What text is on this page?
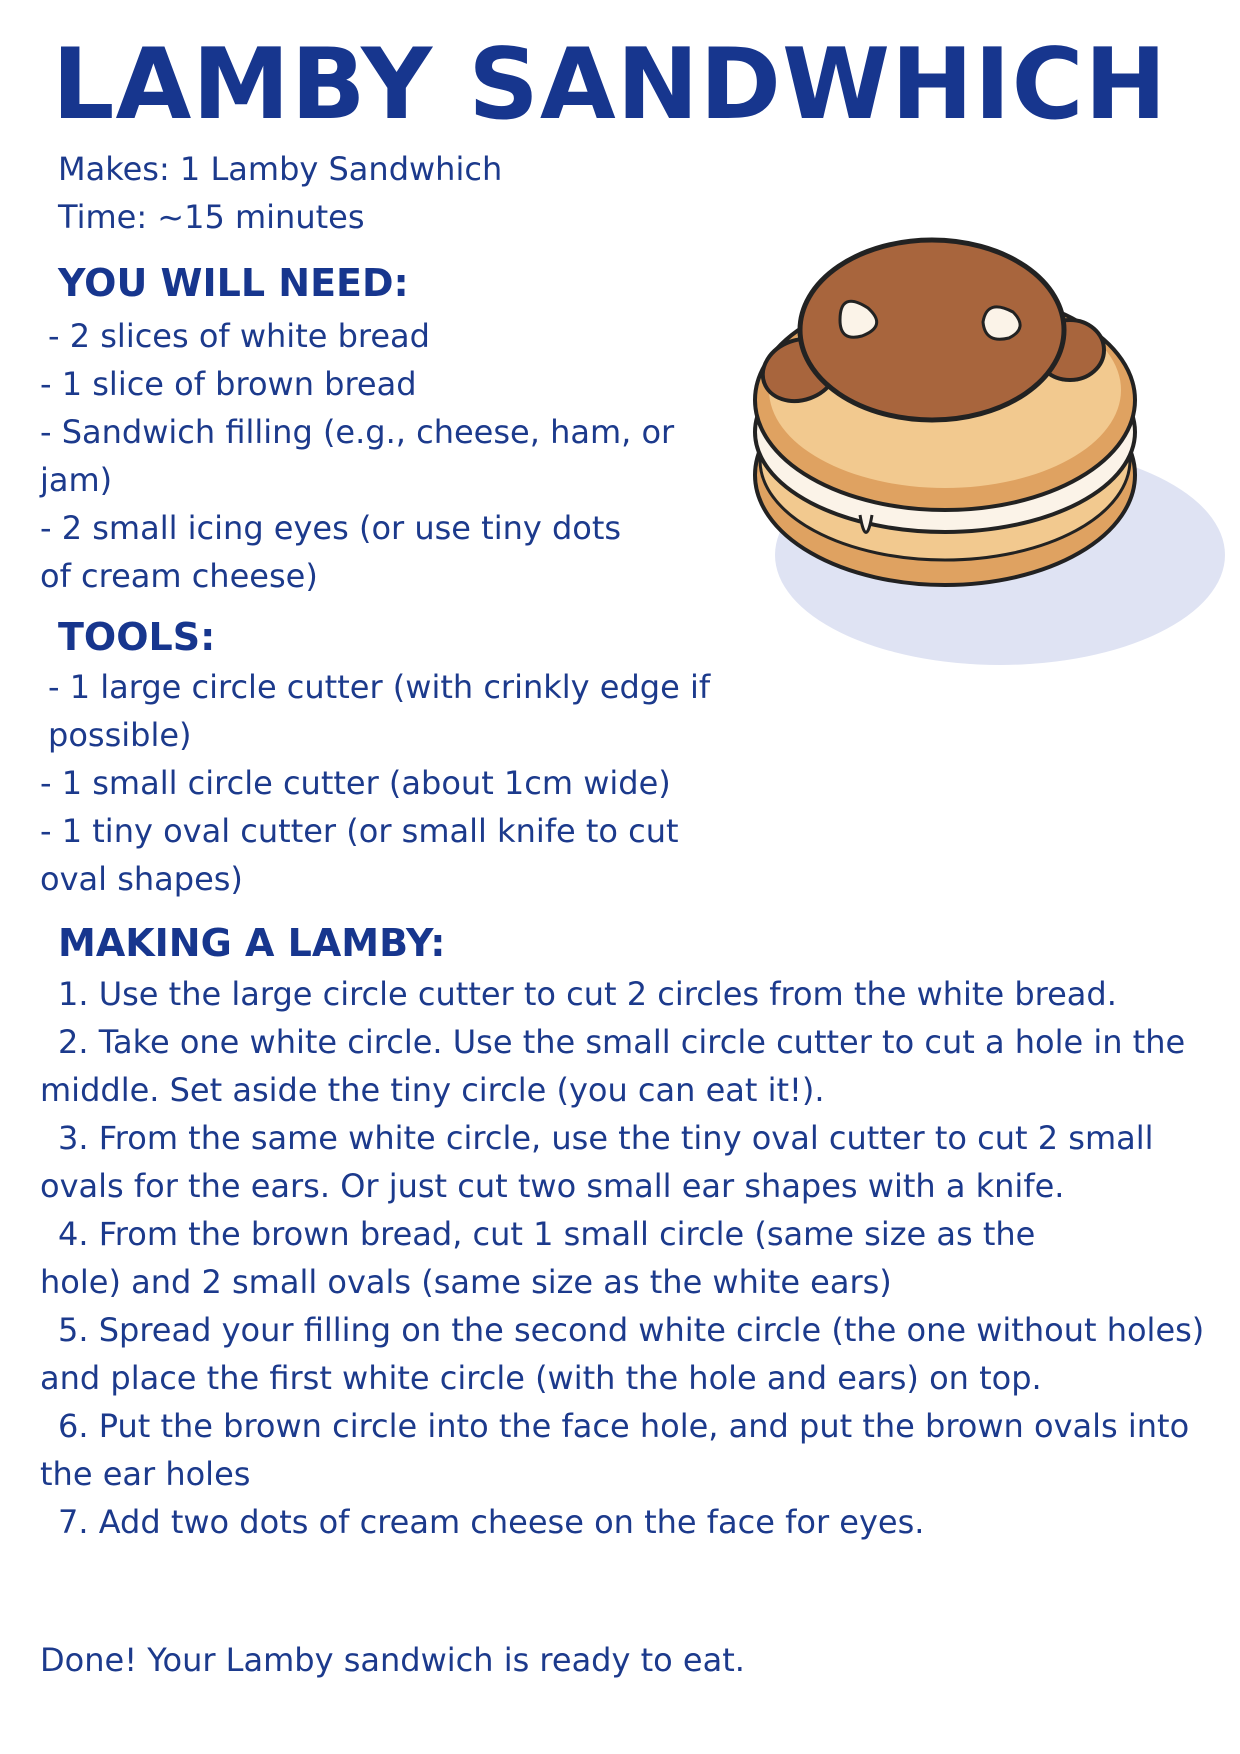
LAMBY SANDWHICH
Makes: 1 Lamby Sandwhich
Time: ~15 minutes
YOU WILL NEED:
- 2 slices of white bread
- 1 slice of brown bread
- Sandwich filling (e.g., cheese, ham, or jam)
- 2 small icing eyes (or use tiny dots of cream cheese)
TOOLS:
- 1 large circle cutter (with crinkly edge if possible)
- 1 small circle cutter (about 1cm wide)
- 1 tiny oval cutter (or small knife to cut oval shapes)
MAKING A LAMBY:
1. Use the large circle cutter to cut 2 circles from the white bread.
2. Take one white circle. Use the small circle cutter to cut a hole in the middle. Set aside the tiny circle (you can eat it!).
3. From the same white circle, use the tiny oval cutter to cut 2 small ovals for the ears. Or just cut two small ear shapes with a knife.
4. From the brown bread, cut 1 small circle (same size as the hole) and 2 small ovals (same size as the white ears)
5. Spread your filling on the second white circle (the one without holes) and place the first white circle (with the hole and ears) on top.
6. Put the brown circle into the face hole, and put the brown ovals into the ear holes
7. Add two dots of cream cheese on the face for eyes.
Done! Your Lamby sandwich is ready to eat.
